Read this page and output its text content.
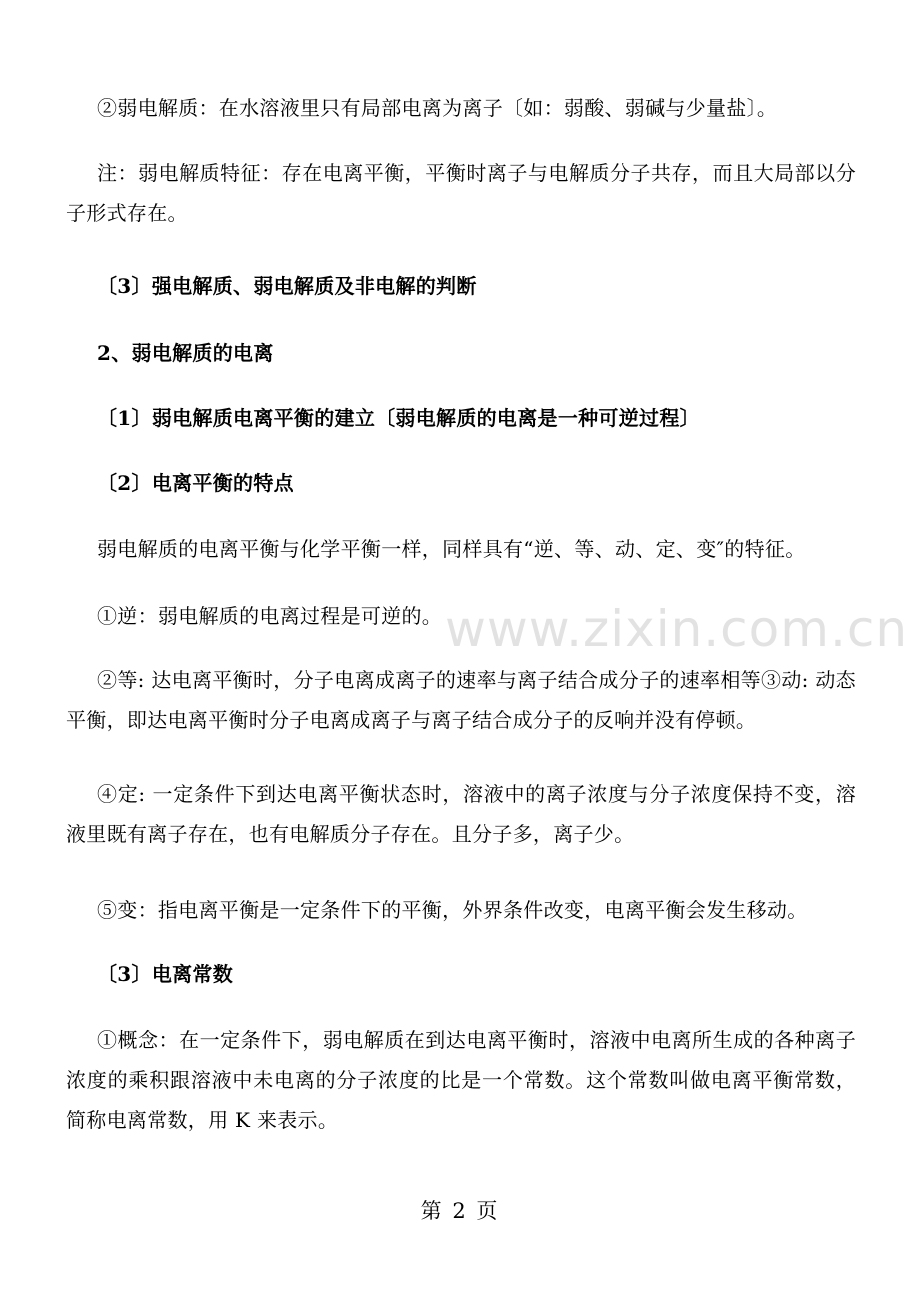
②弱电解质：在水溶液里只有局部电离为离子〔如：弱酸、弱碱与少量盐〕。
注：弱电解质特征：存在电离平衡，平衡时离子与电解质分子共存，而且大局部以分子形式存在。
〔3〕强电解质、弱电解质及非电解的判断
2、弱电解质的电离
〔1〕弱电解质电离平衡的建立〔弱电解质的电离是一种可逆过程〕
〔2〕电离平衡的特点
弱电解质的电离平衡与化学平衡一样，同样具有“逆、等、动、定、变″的特征。
①逆：弱电解质的电离过程是可逆的。
②等: 达电离平衡时，分子电离成离子的速率与离子结合成分子的速率相等③动: 动态平衡，即达电离平衡时分子电离成离子与离子结合成分子的反响并没有停顿。
④定: 一定条件下到达电离平衡状态时，溶液中的离子浓度与分子浓度保持不变，溶液里既有离子存在，也有电解质分子存在。且分子多，离子少。
⑤变：指电离平衡是一定条件下的平衡，外界条件改变，电离平衡会发生移动。
〔3〕电离常数
①概念：在一定条件下，弱电解质在到达电离平衡时，溶液中电离所生成的各种离子浓度的乘积跟溶液中未电离的分子浓度的比是一个常数。这个常数叫做电离平衡常数，简称电离常数，用 K 来表示。
www.zixin.com.cn
第 2 页
